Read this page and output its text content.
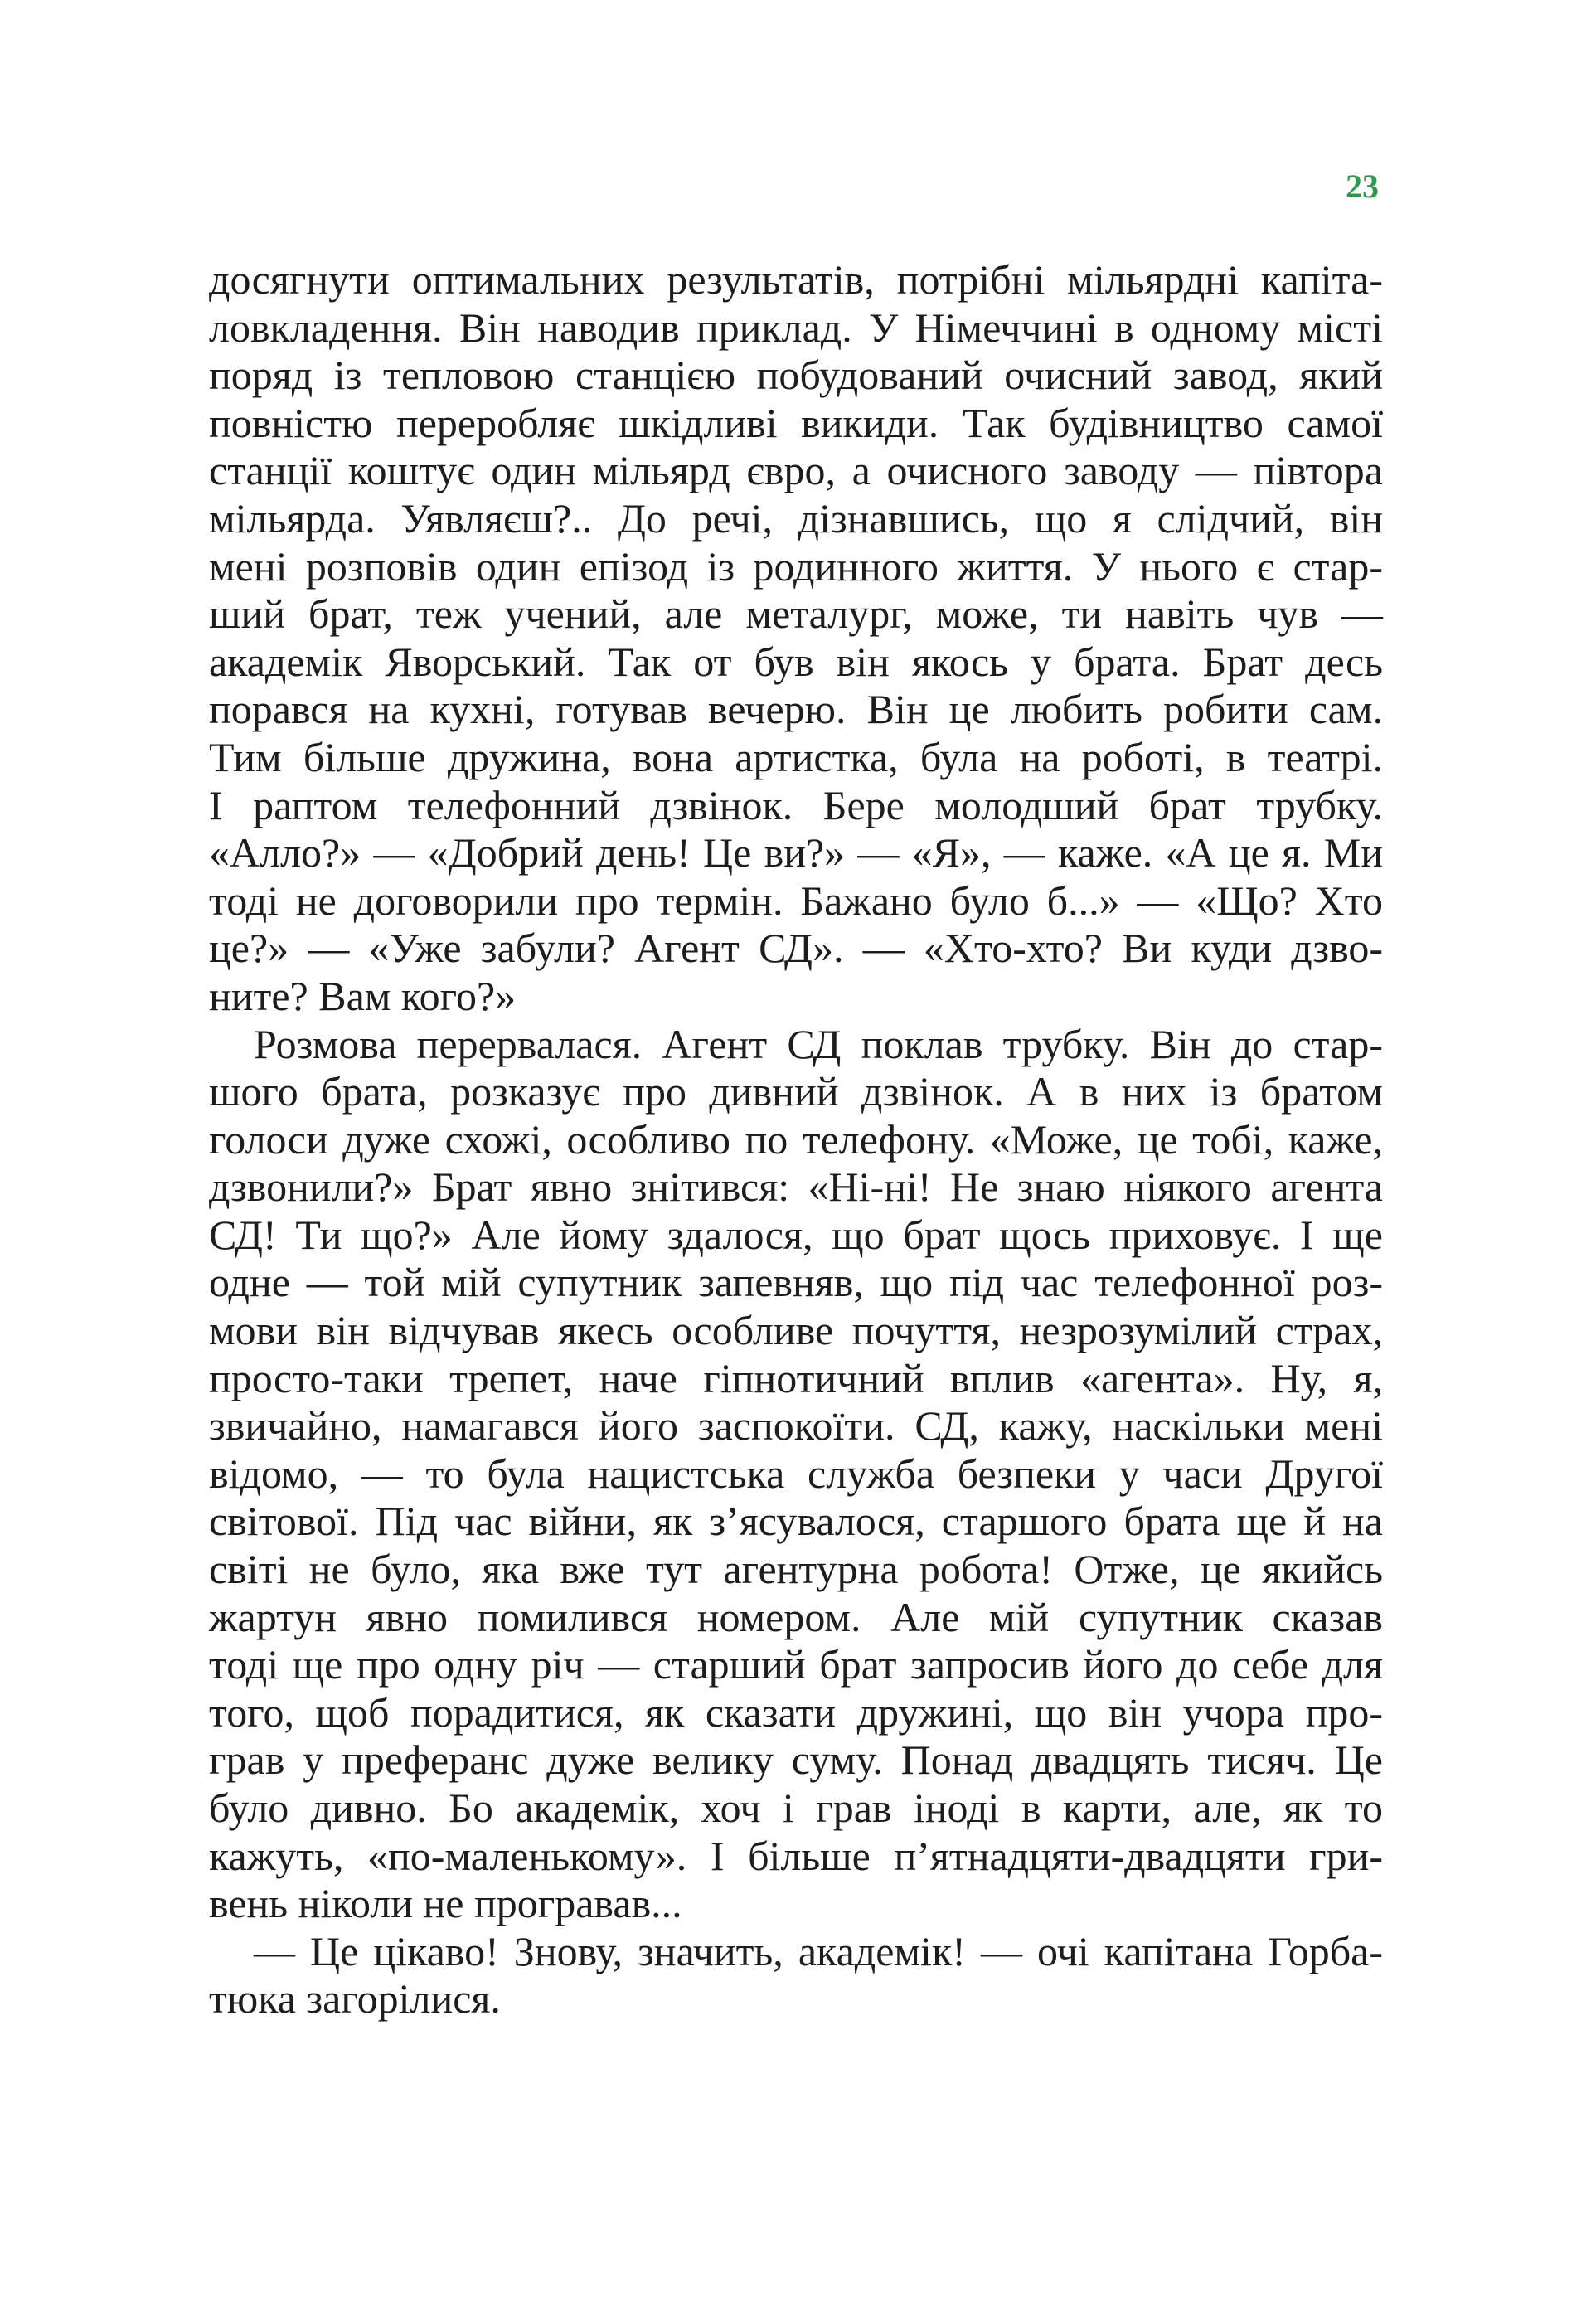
23
досягнути оптимальних результатів, потрібні мільярдні капіта-
ловкладення. Він наводив приклад. У Німеччині в одному місті
поряд із тепловою станцією побудований очисний завод, який
повністю переробляє шкідливі викиди. Так будівництво самої
станції коштує один мільярд євро, а очисного заводу — півтора
мільярда. Уявляєш?.. До речі, дізнавшись, що я слідчий, він
мені розповів один епізод із родинного життя. У нього є стар-
ший брат, теж учений, але металург, може, ти навіть чув —
академік Яворський. Так от був він якось у брата. Брат десь
порався на кухні, готував вечерю. Він це любить робити сам.
Тим більше дружина, вона артистка, була на роботі, в театрі.
І раптом телефонний дзвінок. Бере молодший брат трубку.
«Алло?» — «Добрий день! Це ви?» — «Я», — каже. «А це я. Ми
тоді не договорили про термін. Бажано було б...» — «Що? Хто
це?» — «Уже забули? Агент СД». — «Хто-хто? Ви куди дзво-
ните? Вам кого?»
Розмова перервалася. Агент СД поклав трубку. Він до стар-
шого брата, розказує про дивний дзвінок. А в них із братом
голоси дуже схожі, особливо по телефону. «Може, це тобі, каже,
дзвонили?» Брат явно знітився: «Ні-ні! Не знаю ніякого агента
СД! Ти що?» Але йому здалося, що брат щось приховує. І ще
одне — той мій супутник запевняв, що під час телефонної роз-
мови він відчував якесь особливе почуття, незрозумілий страх,
просто-таки трепет, наче гіпнотичний вплив «агента». Ну, я,
звичайно, намагався його заспокоїти. СД, кажу, наскільки мені
відомо, — то була нацистська служба безпеки у часи Другої
світової. Під час війни, як з’ясувалося, старшого брата ще й на
світі не було, яка вже тут агентурна робота! Отже, це якийсь
жартун явно помилився номером. Але мій супутник сказав
тоді ще про одну річ — старший брат запросив його до себе для
того, щоб порадитися, як сказати дружині, що він учора про-
грав у преферанс дуже велику суму. Понад двадцять тисяч. Це
було дивно. Бо академік, хоч і грав іноді в карти, але, як то
кажуть, «по-маленькому». І більше п’ятнадцяти-двадцяти гри-
вень ніколи не програвав...
— Це цікаво! Знову, значить, академік! — очі капітана Горба-
тюка загорілися.
